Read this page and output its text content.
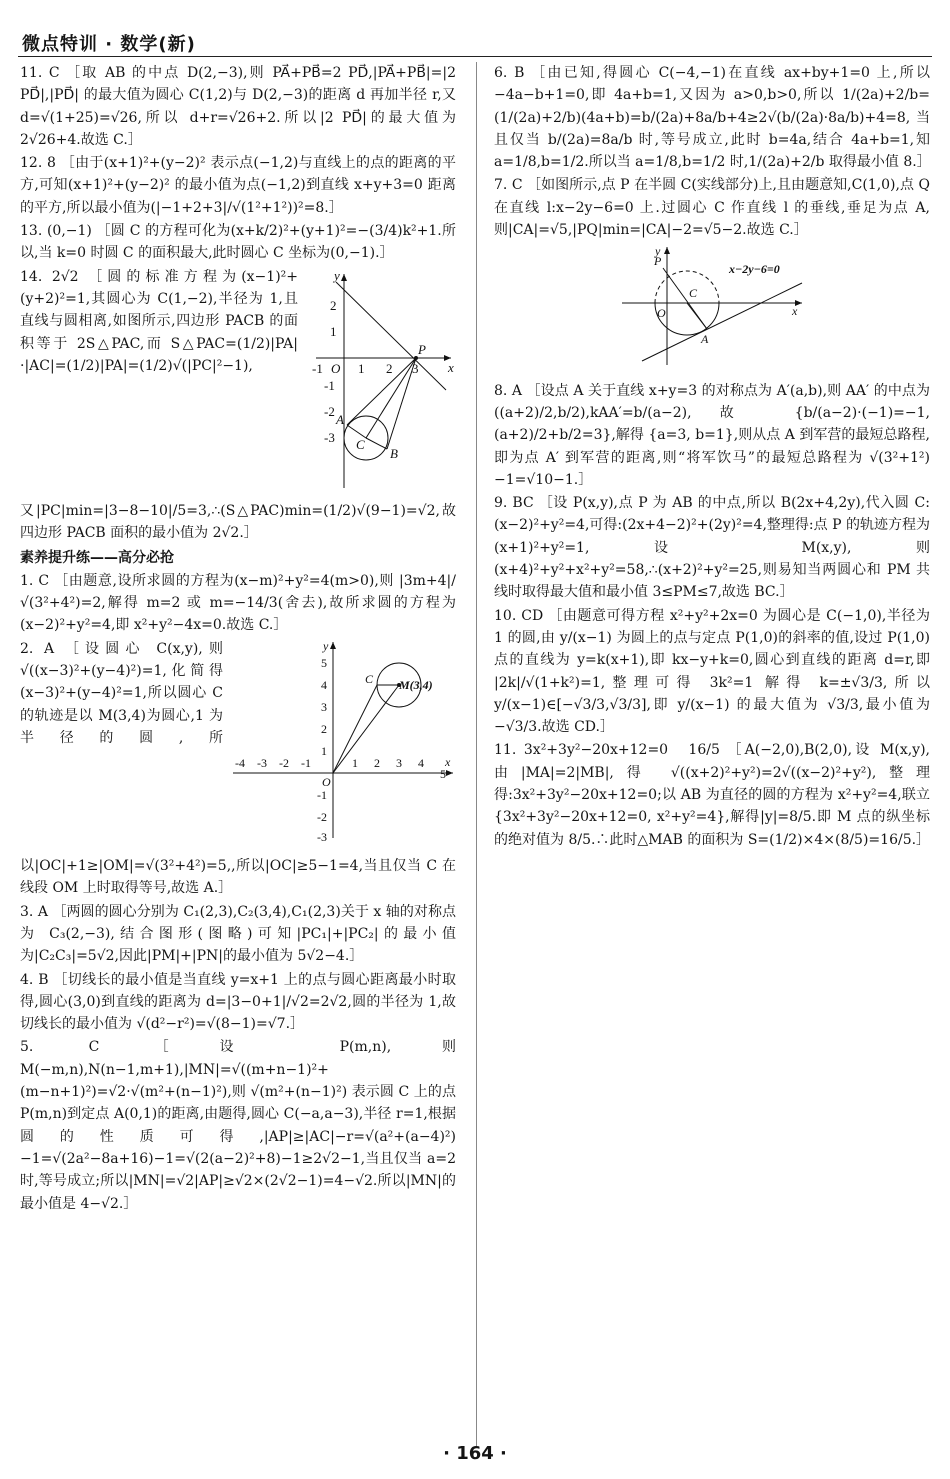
微点特训 · 数学(新)
11. C ［取 AB 的中点 D(2,−3),则 PA⃗+PB⃗=2 PD⃗,|PA⃗+PB⃗|=|2 PD⃗|,|PD⃗| 的最大值为圆心 C(1,2)与 D(2,−3)的距离 d 再加半径 r,又 d=√(1+25)=√26,所以 d+r=√26+2.所以|2 PD⃗|的最大值为 2√26+4.故选 C.］
12. 8 ［由于(x+1)²+(y−2)² 表示点(−1,2)与直线上的点的距离的平方,可知(x+1)²+(y−2)² 的最小值为点(−1,2)到直线 x+y+3=0 距离的平方,所以最小值为(|−1+2+3|/√(1²+1²))²=8.］
13. (0,−1) ［圆 C 的方程可化为(x+k/2)²+(y+1)²=−(3/4)k²+1.所以,当 k=0 时圆 C 的面积最大,此时圆心 C 坐标为(0,−1).］
x
y
O
-1	1 2 3
1
2
-1
-2
-3
P
A
B
C
14. 2√2 ［圆的标准方程为(x−1)²+(y+2)²=1,其圆心为 C(1,−2),半径为 1,且直线与圆相离,如图所示,四边形 PACB 的面积等于 2S△PAC,而 S△PAC=(1/2)|PA|·|AC|=(1/2)|PA|=(1/2)√(|PC|²−1),又|PC|min=|3−8−10|/5=3,∴(S△PAC)min=(1/2)√(9−1)=√2,故四边形 PACB 面积的最小值为 2√2.］
素养提升练——高分必抢
1. C ［由题意,设所求圆的方程为(x−m)²+y²=4(m>0),则 |3m+4|/√(3²+4²)=2,解得 m=2 或 m=−14/3(舍去),故所求圆的方程为(x−2)²+y²=4,即 x²+y²−4x=0.故选 C.］
x
y
O
-4 -3 -2 -1	1 2 3 4
5
1
2
3
4
5
-1
-2
-3
C M(3,4)
2. A ［设圆心 C(x,y),则 √((x−3)²+(y−4)²)=1,化简得(x−3)²+(y−4)²=1,所以圆心 C 的轨迹是以 M(3,4)为圆心,1 为半径的圆,所以|OC|+1≥|OM|=√(3²+4²)=5,,所以|OC|≥5−1=4,当且仅当 C 在线段 OM 上时取得等号,故选 A.］
3. A ［两圆的圆心分别为 C₁(2,3),C₂(3,4),C₁(2,3)关于 x 轴的对称点为 C₃(2,−3),结合图形(图略)可知|PC₁|+|PC₂|的最小值为|C₂C₃|=5√2,因此|PM|+|PN|的最小值为 5√2−4.］
4. B ［切线长的最小值是当直线 y=x+1 上的点与圆心距离最小时取得,圆心(3,0)到直线的距离为 d=|3−0+1|/√2=2√2,圆的半径为 1,故切线长的最小值为 √(d²−r²)=√(8−1)=√7.］
5. C ［设 P(m,n),则 M(−m,n),N(n−1,m+1),|MN|=√((m+n−1)²+(m−n+1)²)=√2·√(m²+(n−1)²),则 √(m²+(n−1)²) 表示圆 C 上的点 P(m,n)到定点 A(0,1)的距离,由题得,圆心 C(−a,a−3),半径 r=1,根据圆的性质可得,|AP|≥|AC|−r=√(a²+(a−4)²)−1=√(2a²−8a+16)−1=√(2(a−2)²+8)−1≥2√2−1,当且仅当 a=2 时,等号成立;所以|MN|=√2|AP|≥√2×(2√2−1)=4−√2.所以|MN|的最小值是 4−√2.］
6. B ［由已知,得圆心 C(−4,−1)在直线 ax+by+1=0 上,所以−4a−b+1=0,即 4a+b=1,又因为 a>0,b>0,所以 1/(2a)+2/b=(1/(2a)+2/b)(4a+b)=b/(2a)+8a/b+4≥2√(b/(2a)·8a/b)+4=8,当且仅当 b/(2a)=8a/b 时,等号成立,此时 b=4a,结合 4a+b=1,知 a=1/8,b=1/2.所以当 a=1/8,b=1/2 时,1/(2a)+2/b 取得最小值 8.］
7. C ［如图所示,点 P 在半圆 C(实线部分)上,且由题意知,C(1,0),点 Q 在直线 l:x−2y−6=0 上.过圆心 C 作直线 l 的垂线,垂足为点 A,则|CA|=√5,|PQ|min=|CA|−2=√5−2.故选 C.］
x
y
O
C
A
P
x−2y−6=0
8. A ［设点 A 关于直线 x+y=3 的对称点为 A′(a,b),则 AA′ 的中点为((a+2)/2,b/2),kAA′=b/(a−2),故 {b/(a−2)·(−1)=−1, (a+2)/2+b/2=3},解得 {a=3, b=1},则从点 A 到军营的最短总路程,即为点 A′ 到军营的距离,则“将军饮马”的最短总路程为 √(3²+1²)−1=√10−1.］
9. BC ［设 P(x,y),点 P 为 AB 的中点,所以 B(2x+4,2y),代入圆 C:(x−2)²+y²=4,可得:(2x+4−2)²+(2y)²=4,整理得:点 P 的轨迹方程为(x+1)²+y²=1,设 M(x,y),则(x+4)²+y²+x²+y²=58,∴(x+2)²+y²=25,则易知当两圆心和 PM 共线时取得最大值和最小值 3≤PM≤7,故选 BC.］
10. CD ［由题意可得方程 x²+y²+2x=0 为圆心是 C(−1,0),半径为 1 的圆,由 y/(x−1) 为圆上的点与定点 P(1,0)的斜率的值,设过 P(1,0)点的直线为 y=k(x+1),即 kx−y+k=0,圆心到直线的距离 d=r,即 |2k|/√(1+k²)=1,整理可得 3k²=1 解得 k=±√3/3,所以 y/(x−1)∈[−√3/3,√3/3],即 y/(x−1) 的最大值为 √3/3,最小值为 −√3/3.故选 CD.］
11. 3x²+3y²−20x+12=0　16/5 ［A(−2,0),B(2,0),设 M(x,y),由|MA|=2|MB|,得 √((x+2)²+y²)=2√((x−2)²+y²),整理得:3x²+3y²−20x+12=0;以 AB 为直径的圆的方程为 x²+y²=4,联立 {3x²+3y²−20x+12=0, x²+y²=4},解得|y|=8/5.即 M 点的纵坐标的绝对值为 8/5.∴此时△MAB 的面积为 S=(1/2)×4×(8/5)=16/5.］
· 164 ·
